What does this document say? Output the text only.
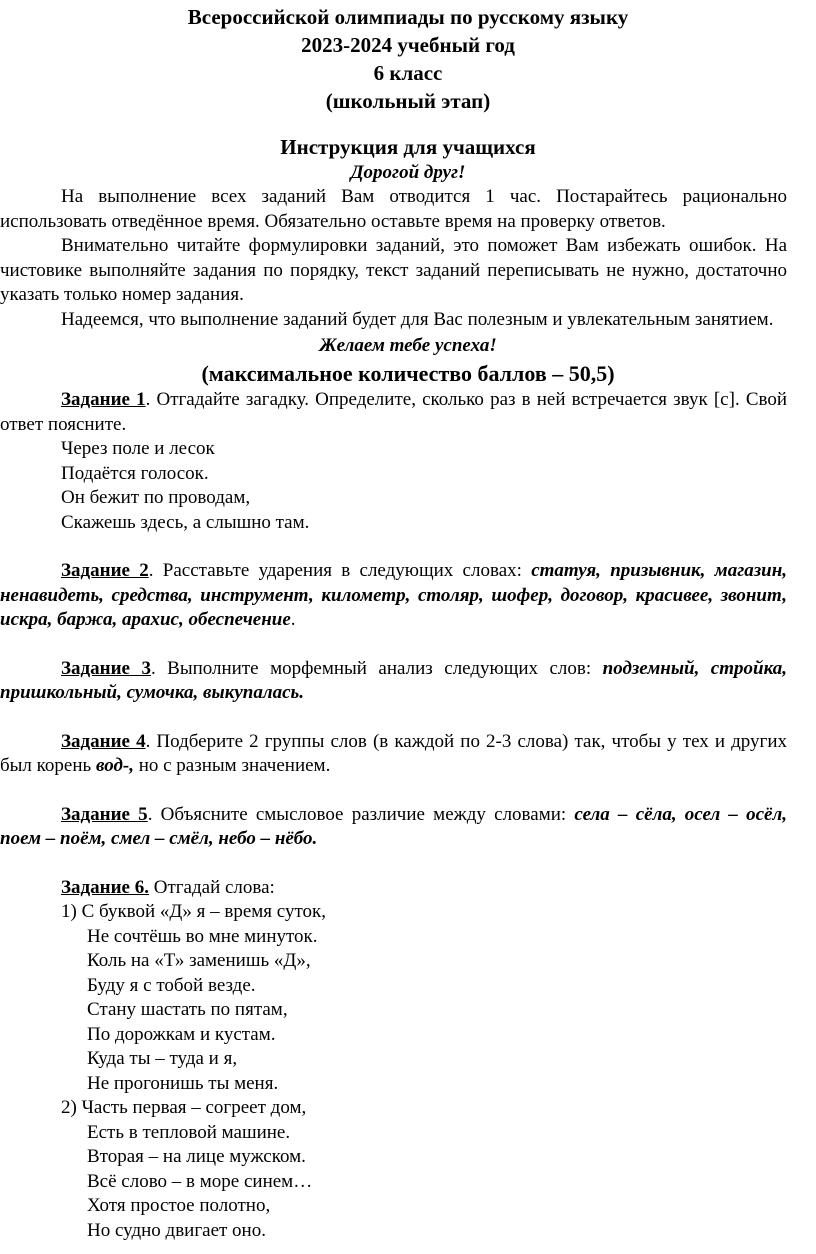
Всероссийской олимпиады по русскому языку
2023-2024 учебный год
6 класс
(школьный этап)
Инструкция для учащихся
Дорогой друг!

На выполнение всех заданий Вам отводится 1 час. Постарайтесь рационально использовать отведённое время. Обязательно оставьте время на проверку ответов.

Внимательно читайте формулировки заданий, это поможет Вам избежать ошибок. На чистовике выполняйте задания по порядку, текст заданий переписывать не нужно, достаточно указать только номер задания.

Надеемся, что выполнение заданий будет для Вас полезным и увлекательным занятием.

Желаем тебе успеха!
(максимальное количество баллов – 50,5)

Задание 1. Отгадайте загадку. Определите, сколько раз в ней встречается звук [с]. Свой ответ поясните.

Через поле и лесок
Подаётся голосок.
Он бежит по проводам,
Скажешь здесь, а слышно там.

Задание 2. Расставьте ударения в следующих словах: статуя, призывник, магазин, ненавидеть, средства, инструмент, километр, столяр, шофер, договор, красивее, звонит, искра, баржа, арахис, обеспечение.

Задание 3. Выполните морфемный анализ следующих слов: подземный, стройка, пришкольный, сумочка, выкупалась.

Задание 4. Подберите 2 группы слов (в каждой по 2-3 слова) так, чтобы у тех и других был корень вод-, но с разным значением.

Задание 5. Объясните смысловое различие между словами: села – сёла, осел – осёл, поем – поём, смел – смёл, небо – нёбо.

Задание 6. Отгадай слова:

1) С буквой «Д» я – время суток,
Не сочтёшь во мне минуток.
Коль на «Т» заменишь «Д»,
Буду я с тобой везде.
Стану шастать по пятам,
По дорожкам и кустам.
Куда ты – туда и я,
Не прогонишь ты меня.
2) Часть первая – согреет дом,
Есть в тепловой машине.
Вторая – на лице мужском.
Всё слово – в море синем…
Хотя простое полотно,
Но судно двигает оно.
